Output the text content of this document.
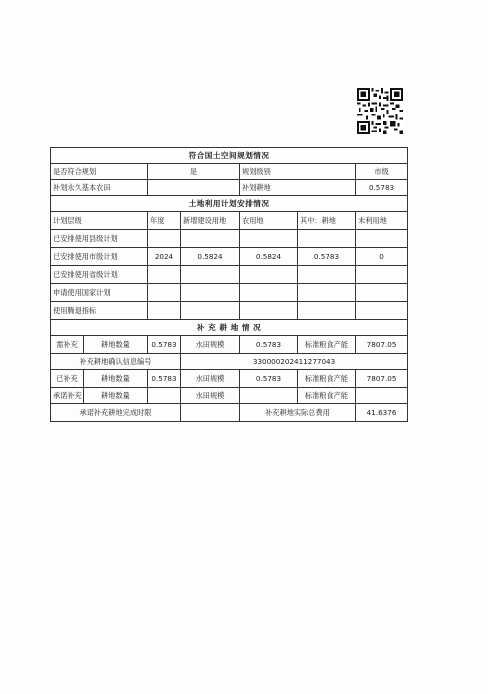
符合国土空间规划情况						
是否符合规划		是		规划级别		市级
补划永久基本农田				补划耕地		0.5783
土地利用计划安排情况						
计划层级		年度	新增建设用地	农用地	其中：耕地	未利用地
已安排使用县级计划						
已安排使用市级计划		2024	0.5824	0.5824	0.5783	0
已安排使用省级计划						
申请使用国家计划						
使用腾退指标						
补 充 耕 地 情 况						
需补充	耕地数量	0.5783	水田规模	0.5783	标准粮食产能	7807.05
补充耕地确认信息编号			330000202411277043			
已补充	耕地数量	0.5783	水田规模	0.5783	标准粮食产能	7807.05
承诺补充	耕地数量		水田规模		标准粮食产能	
承诺补充耕地完成时限				补充耕地实际总费用		41.6376
